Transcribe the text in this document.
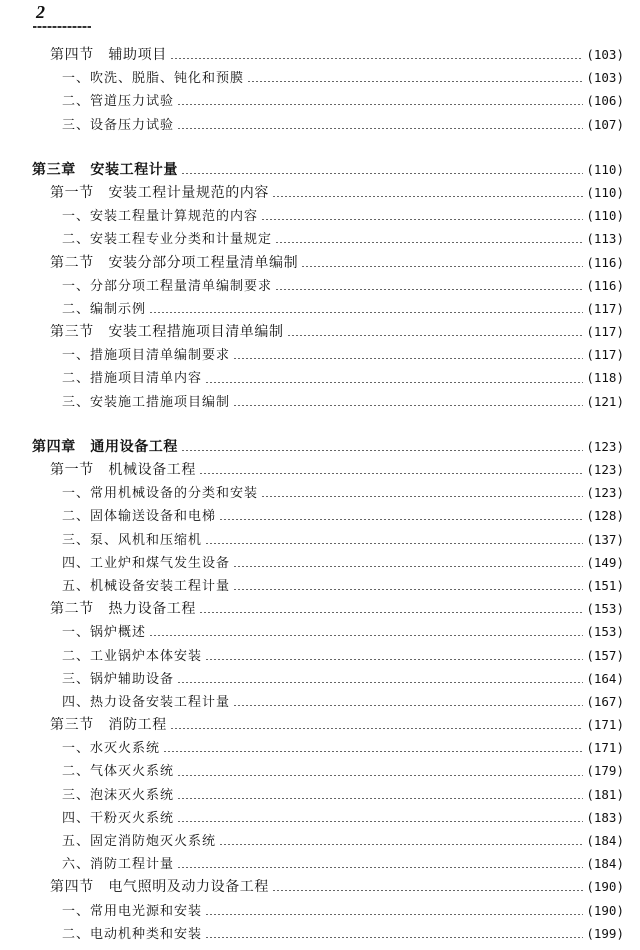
2
第四节　辅助项目	(103)
一、吹洗、脱脂、钝化和预膜	(103)
二、管道压力试验	(106)
三、设备压力试验	(107)
第三章　安装工程计量	(110)
第一节　安装工程计量规范的内容	(110)
一、安装工程量计算规范的内容	(110)
二、安装工程专业分类和计量规定	(113)
第二节　安装分部分项工程量清单编制	(116)
一、分部分项工程量清单编制要求	(116)
二、编制示例	(117)
第三节　安装工程措施项目清单编制	(117)
一、措施项目清单编制要求	(117)
二、措施项目清单内容	(118)
三、安装施工措施项目编制	(121)
第四章　通用设备工程	(123)
第一节　机械设备工程	(123)
一、常用机械设备的分类和安装	(123)
二、固体输送设备和电梯	(128)
三、泵、风机和压缩机	(137)
四、工业炉和煤气发生设备	(149)
五、机械设备安装工程计量	(151)
第二节　热力设备工程	(153)
一、锅炉概述	(153)
二、工业锅炉本体安装	(157)
三、锅炉辅助设备	(164)
四、热力设备安装工程计量	(167)
第三节　消防工程	(171)
一、水灭火系统	(171)
二、气体灭火系统	(179)
三、泡沫灭火系统	(181)
四、干粉灭火系统	(183)
五、固定消防炮灭火系统	(184)
六、消防工程计量	(184)
第四节　电气照明及动力设备工程	(190)
一、常用电光源和安装	(190)
二、电动机种类和安装	(199)
